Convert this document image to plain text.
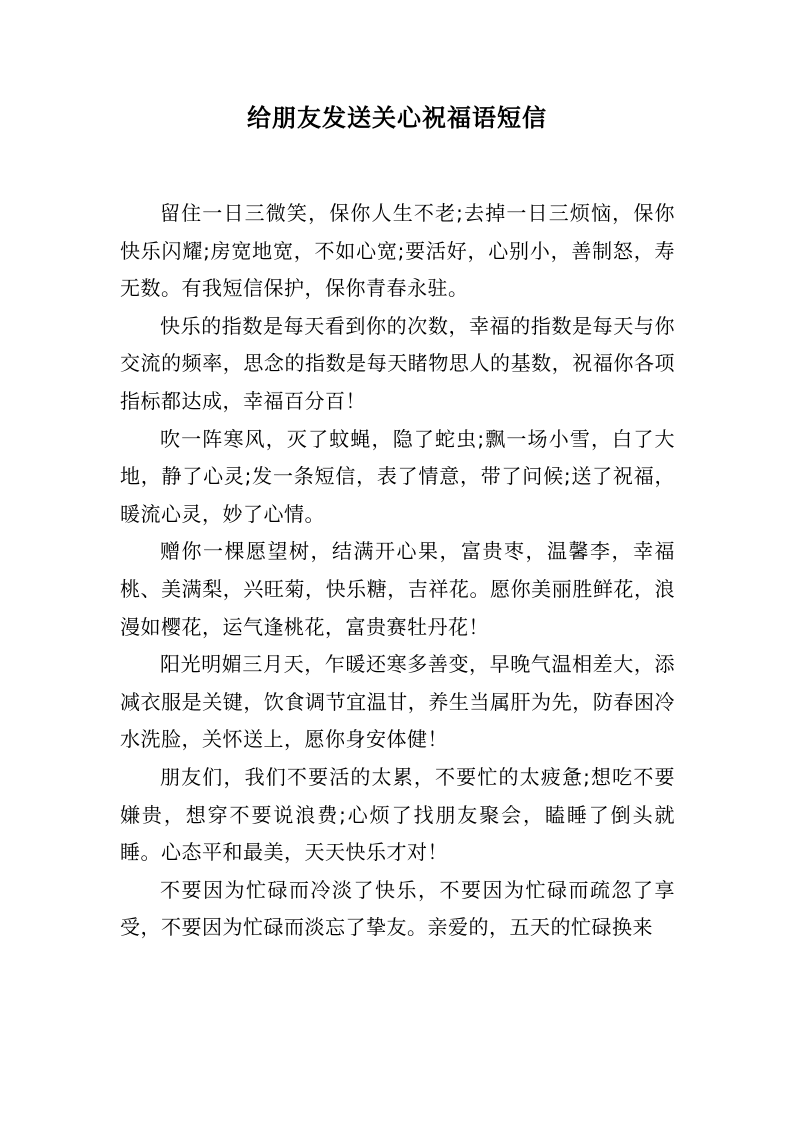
给朋友发送关心祝福语短信

留住一日三微笑，保你人生不老;去掉一日三烦恼，保你快乐闪耀;房宽地宽，不如心宽;要活好，心别小，善制怒，寿无数。有我短信保护，保你青春永驻。

快乐的指数是每天看到你的次数，幸福的指数是每天与你交流的频率，思念的指数是每天睹物思人的基数，祝福你各项指标都达成，幸福百分百！

吹一阵寒风，灭了蚊蝇，隐了蛇虫;飘一场小雪，白了大地，静了心灵;发一条短信，表了情意，带了问候;送了祝福，暖流心灵，妙了心情。

赠你一棵愿望树，结满开心果，富贵枣，温馨李，幸福桃、美满梨，兴旺菊，快乐糖，吉祥花。愿你美丽胜鲜花，浪漫如樱花，运气逢桃花，富贵赛牡丹花！

阳光明媚三月天，乍暖还寒多善变，早晚气温相差大，添减衣服是关键，饮食调节宜温甘，养生当属肝为先，防春困冷水洗脸，关怀送上，愿你身安体健！

朋友们，我们不要活的太累，不要忙的太疲惫;想吃不要嫌贵，想穿不要说浪费;心烦了找朋友聚会，瞌睡了倒头就睡。心态平和最美，天天快乐才对！

不要因为忙碌而冷淡了快乐，不要因为忙碌而疏忽了享受，不要因为忙碌而淡忘了挚友。亲爱的，五天的忙碌换来
